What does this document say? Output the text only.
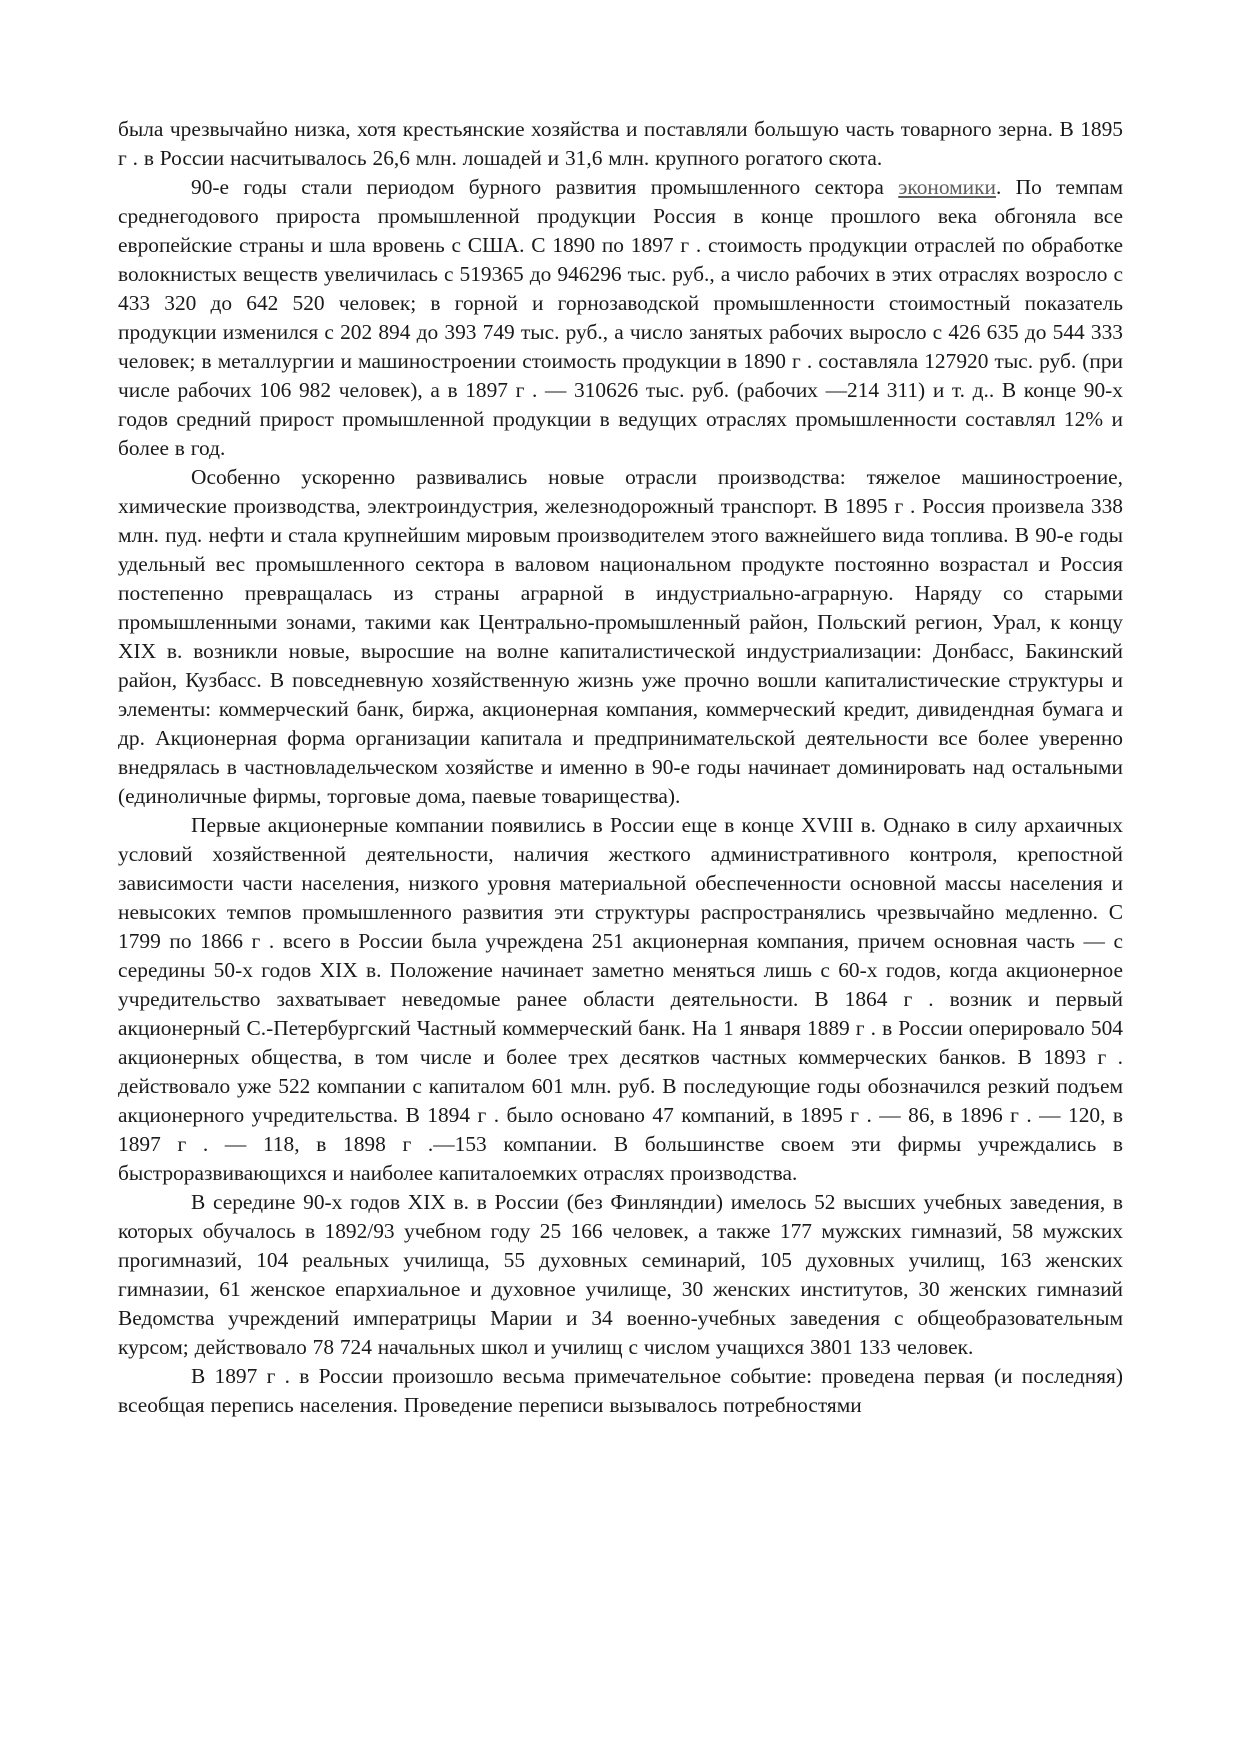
была чрезвычайно низка, хотя крестьянские хозяйства и поставляли большую часть товарного зерна. В 1895 г . в России насчитывалось 26,6 млн. лошадей и 31,6 млн. крупного рогатого скота.

90-е годы стали периодом бурного развития промышленного сектора экономики. По темпам среднегодового прироста промышленной продукции Россия в конце прошлого века обгоняла все европейские страны и шла вровень с США. С 1890 по 1897 г . стоимость продукции отраслей по обработке волокнистых веществ увеличилась с 519365 до 946296 тыс. руб., а число рабочих в этих отраслях возросло с 433 320 до 642 520 человек; в горной и горнозаводской промышленности стоимостный показатель продукции изменился с 202 894 до 393 749 тыс. руб., а число занятых рабочих выросло с 426 635 до 544 333 человек; в металлургии и машиностроении стоимость продукции в 1890 г . составляла 127920 тыс. руб. (при числе рабочих 106 982 человек), а в 1897 г . — 310626 тыс. руб. (рабочих —214 311) и т. д.. В конце 90-х годов средний прирост промышленной продукции в ведущих отраслях промышленности составлял 12% и более в год.

Особенно ускоренно развивались новые отрасли производства: тяжелое машиностроение, химические производства, электроиндустрия, железнодорожный транспорт. В 1895 г . Россия произвела 338 млн. пуд. нефти и стала крупнейшим мировым производителем этого важнейшего вида топлива. В 90-е годы удельный вес промышленного сектора в валовом национальном продукте постоянно возрастал и Россия постепенно превращалась из страны аграрной в индустриально-аграрную. Наряду со старыми промышленными зонами, такими как Центрально-промышленный район, Польский регион, Урал, к концу XIX в. возникли новые, выросшие на волне капиталистической индустриализации: Донбасс, Бакинский район, Кузбасс. В повседневную хозяйственную жизнь уже прочно вошли капиталистические структуры и элементы: коммерческий банк, биржа, акционерная компания, коммерческий кредит, дивидендная бумага и др. Акционерная форма организации капитала и предпринимательской деятельности все более уверенно внедрялась в частновладельческом хозяйстве и именно в 90-е годы начинает доминировать над остальными (единоличные фирмы, торговые дома, паевые товарищества).

Первые акционерные компании появились в России еще в конце XVIII в. Однако в силу архаичных условий хозяйственной деятельности, наличия жесткого административного контроля, крепостной зависимости части населения, низкого уровня материальной обеспеченности основной массы населения и невысоких темпов промышленного развития эти структуры распространялись чрезвычайно медленно. С 1799 по 1866 г . всего в России была учреждена 251 акционерная компания, причем основная часть — с середины 50-х годов XIX в. Положение начинает заметно меняться лишь с 60-х годов, когда акционерное учредительство захватывает неведомые ранее области деятельности. В 1864 г . возник и первый акционерный С.-Петербургский Частный коммерческий банк. На 1 января 1889 г . в России оперировало 504 акционерных общества, в том числе и более трех десятков частных коммерческих банков. В 1893 г . действовало уже 522 компании с капиталом 601 млн. руб. В последующие годы обозначился резкий подъем акционерного учредительства. В 1894 г . было основано 47 компаний, в 1895 г . — 86, в 1896 г . — 120, в 1897 г . — 118, в 1898 г .—153 компании. В большинстве своем эти фирмы учреждались в быстроразвивающихся и наиболее капиталоемких отраслях производства.

В середине 90-х годов XIX в. в России (без Финляндии) имелось 52 высших учебных заведения, в которых обучалось в 1892/93 учебном году 25 166 человек, а также 177 мужских гимназий, 58 мужских прогимназий, 104 реальных училища, 55 духовных семинарий, 105 духовных училищ, 163 женских гимназии, 61 женское епархиальное и духовное училище, 30 женских институтов, 30 женских гимназий Ведомства учреждений императрицы Марии и 34 военно-учебных заведения с общеобразовательным курсом; действовало 78 724 начальных школ и училищ с числом учащихся 3801 133 человек.

В 1897 г . в России произошло весьма примечательное событие: проведена первая (и последняя) всеобщая перепись населения. Проведение переписи вызывалось потребностями
